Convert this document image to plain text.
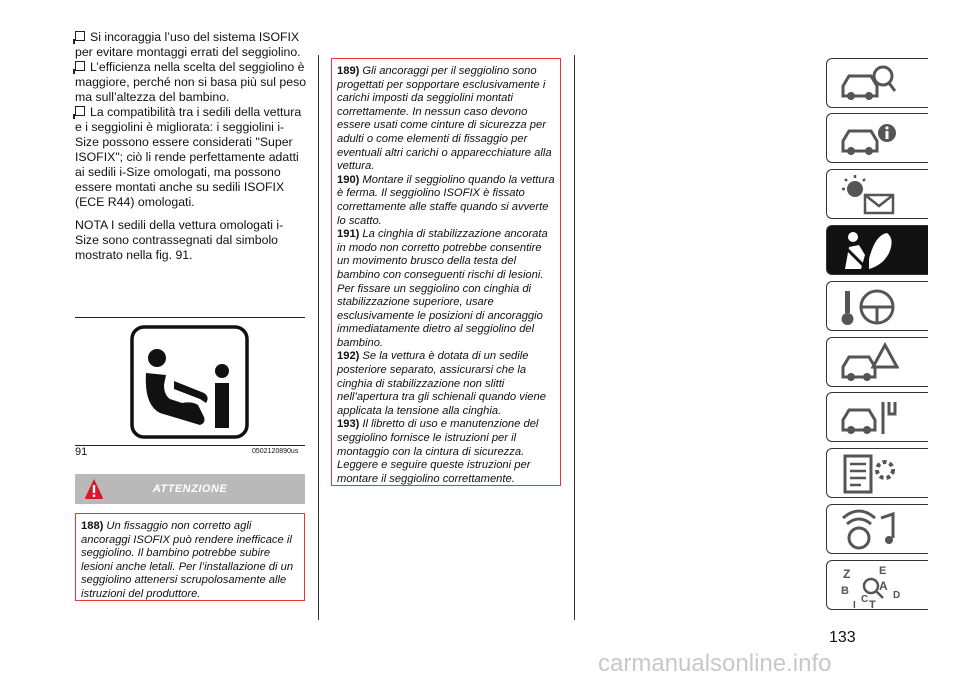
Si incoraggia l’uso del sistema ISOFIX per evitare montaggi errati del seggiolino.

L’efficienza nella scelta del seggiolino è maggiore, perché non si basa più sul peso ma sull’altezza del bambino.

La compatibilità tra i sedili della vettura e i seggiolini è migliorata: i seggiolini i-Size possono essere considerati "Super ISOFIX"; ciò li rende perfettamente adatti ai sedili i-Size omologati, ma possono essere montati anche su sedili ISOFIX (ECE R44) omologati.

NOTA I sedili della vettura omologati i-Size sono contrassegnati dal simbolo mostrato nella fig. 91.

91	0502120890us
ATTENZIONE
188) Un fissaggio non corretto agli ancoraggi ISOFIX può rendere inefficace il seggiolino. Il bambino potrebbe subire lesioni anche letali. Per l’installazione di un seggiolino attenersi scrupolosamente alle istruzioni del produttore.
189) Gli ancoraggi per il seggiolino sono progettati per sopportare esclusivamente i carichi imposti da seggiolini montati correttamente. In nessun caso devono essere usati come cinture di sicurezza per adulti o come elementi di fissaggio per eventuali altri carichi o apparecchiature alla vettura.
190) Montare il seggiolino quando la vettura è ferma. Il seggiolino ISOFIX è fissato correttamente alle staffe quando si avverte lo scatto.
191) La cinghia di stabilizzazione ancorata in modo non corretto potrebbe consentire un movimento brusco della testa del bambino con conseguenti rischi di lesioni. Per fissare un seggiolino con cinghia di stabilizzazione superiore, usare esclusivamente le posizioni di ancoraggio immediatamente dietro al seggiolino del bambino.
192) Se la vettura è dotata di un sedile posteriore separato, assicurarsi che la cinghia di stabilizzazione non slitti nell’apertura tra gli schienali quando viene applicata la tensione alla cinghia.
193) Il libretto di uso e manutenzione del seggiolino fornisce le istruzioni per il montaggio con la cintura di sicurezza. Leggere e seguire queste istruzioni per montare il seggiolino correttamente.
Z	E
B	A
C D
T
I
133
carmanualsonline.info
